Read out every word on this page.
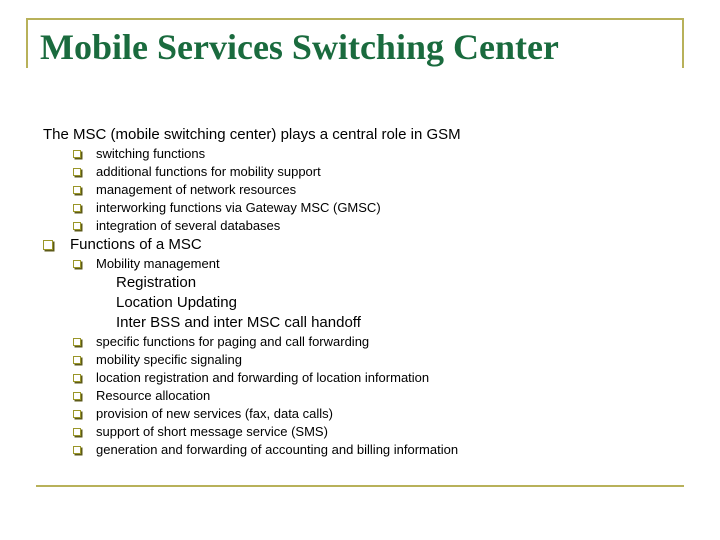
Mobile Services Switching Center
The MSC (mobile switching center) plays a central role in GSM
switching functions
additional functions for mobility support
management of network resources
interworking functions via Gateway MSC (GMSC)
integration of several databases
Functions of a MSC
Mobility management
Registration
Location Updating
Inter BSS and inter MSC call handoff
specific functions for paging and call forwarding
mobility specific signaling
location registration and forwarding of location information
Resource allocation
provision of new services (fax, data calls)
support of short message service (SMS)
generation and forwarding of accounting and billing information
